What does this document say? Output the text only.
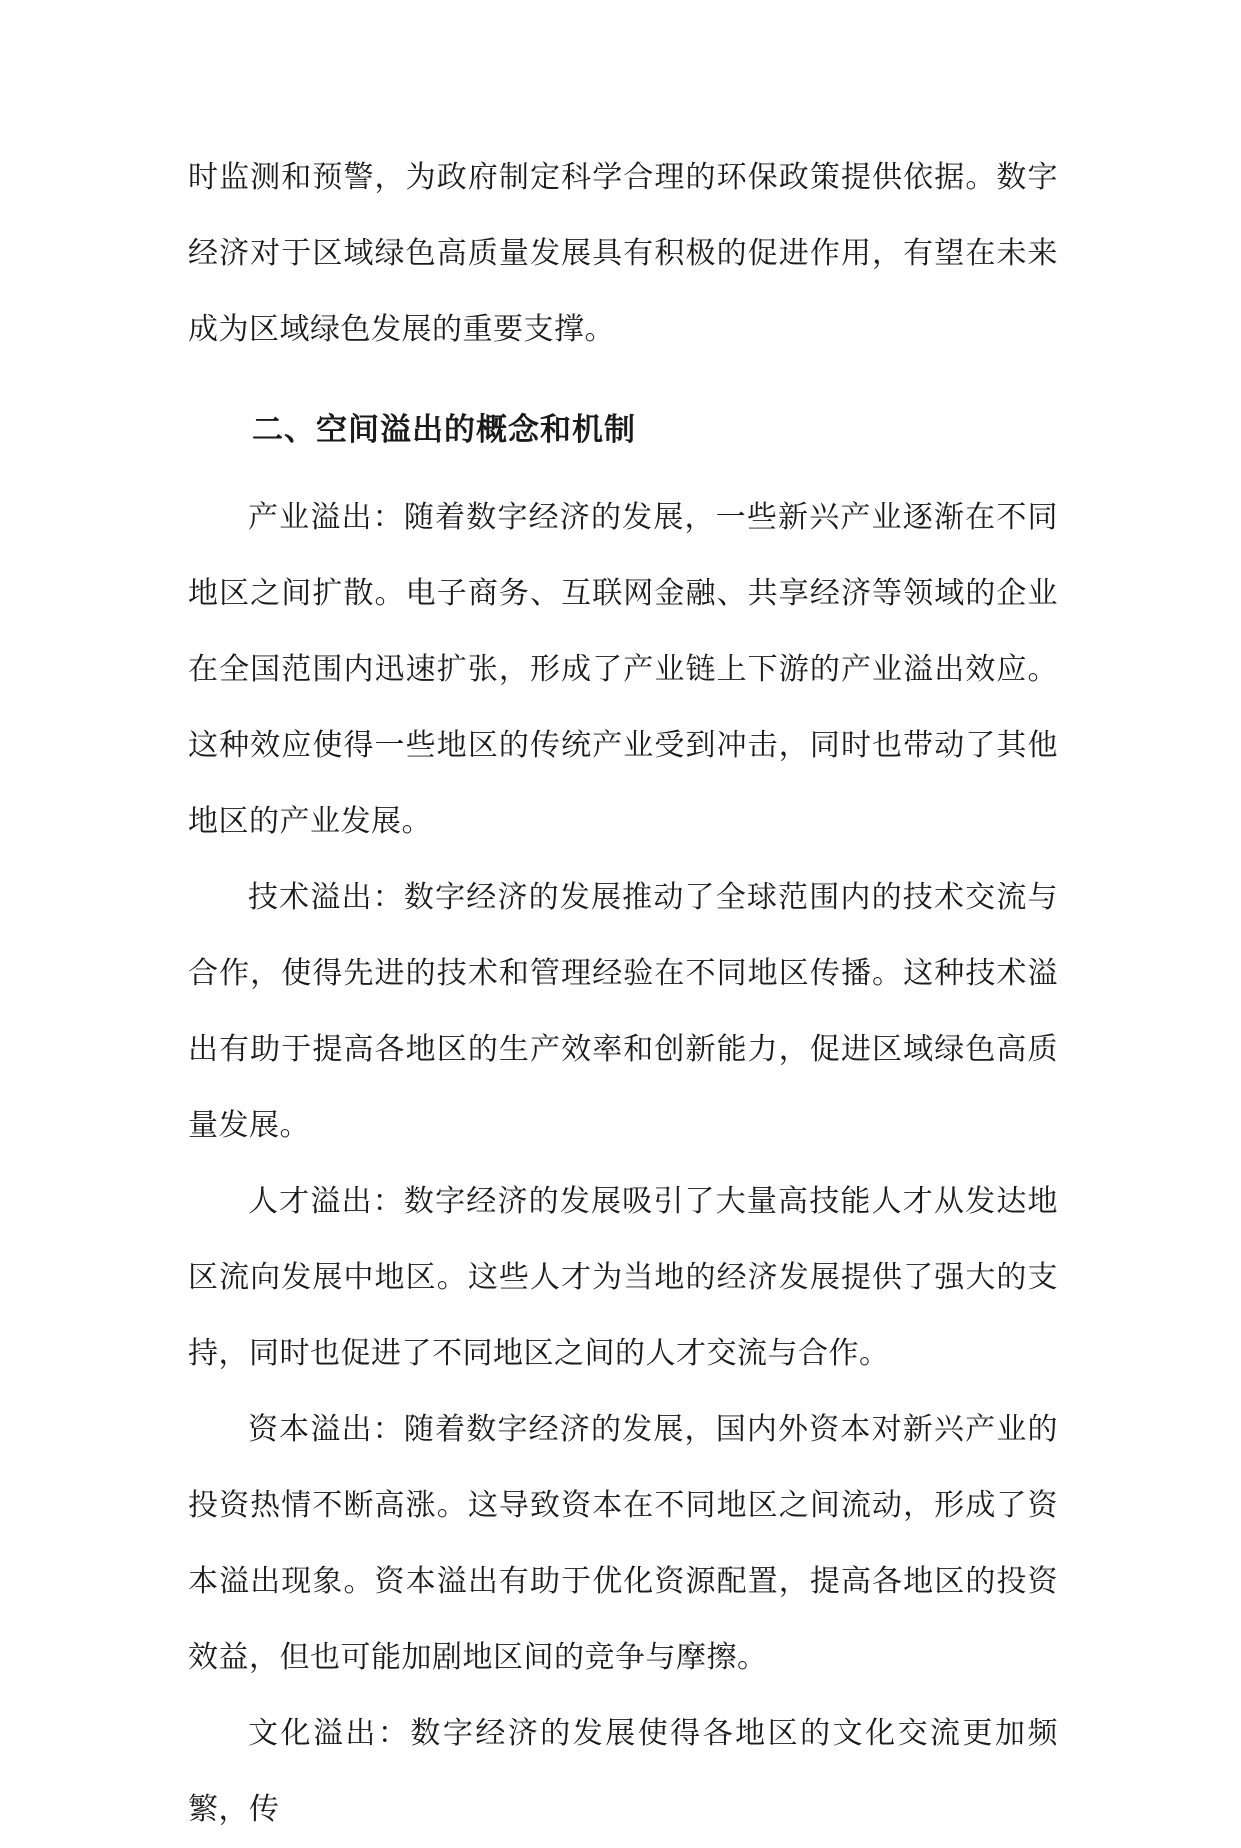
时监测和预警，为政府制定科学合理的环保政策提供依据。数字经济对于区域绿色高质量发展具有积极的促进作用，有望在未来成为区域绿色发展的重要支撑。

二、空间溢出的概念和机制

产业溢出：随着数字经济的发展，一些新兴产业逐渐在不同地区之间扩散。电子商务、互联网金融、共享经济等领域的企业在全国范围内迅速扩张，形成了产业链上下游的产业溢出效应。这种效应使得一些地区的传统产业受到冲击，同时也带动了其他地区的产业发展。

技术溢出：数字经济的发展推动了全球范围内的技术交流与合作，使得先进的技术和管理经验在不同地区传播。这种技术溢出有助于提高各地区的生产效率和创新能力，促进区域绿色高质量发展。

人才溢出：数字经济的发展吸引了大量高技能人才从发达地区流向发展中地区。这些人才为当地的经济发展提供了强大的支持，同时也促进了不同地区之间的人才交流与合作。

资本溢出：随着数字经济的发展，国内外资本对新兴产业的投资热情不断高涨。这导致资本在不同地区之间流动，形成了资本溢出现象。资本溢出有助于优化资源配置，提高各地区的投资效益，但也可能加剧地区间的竞争与摩擦。

文化溢出：数字经济的发展使得各地区的文化交流更加频繁，传
